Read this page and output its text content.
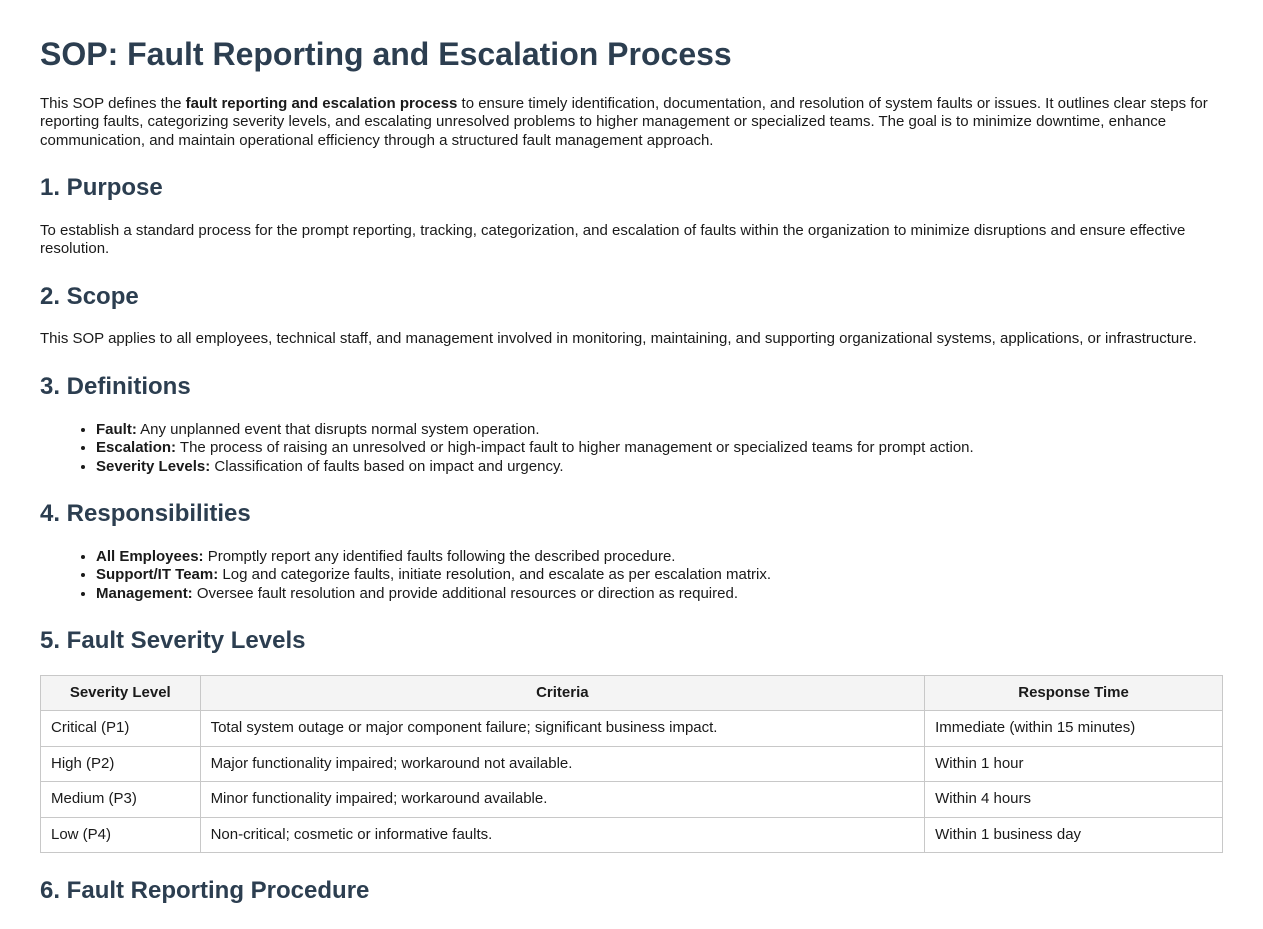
SOP: Fault Reporting and Escalation Process

This SOP defines the fault reporting and escalation process to ensure timely identification, documentation, and resolution of system faults or issues. It outlines clear steps for reporting faults, categorizing severity levels, and escalating unresolved problems to higher management or specialized teams. The goal is to minimize downtime, enhance communication, and maintain operational efficiency through a structured fault management approach.

1. Purpose

To establish a standard process for the prompt reporting, tracking, categorization, and escalation of faults within the organization to minimize disruptions and ensure effective resolution.

2. Scope

This SOP applies to all employees, technical staff, and management involved in monitoring, maintaining, and supporting organizational systems, applications, or infrastructure.

3. Definitions
• Fault: Any unplanned event that disrupts normal system operation.
• Escalation: The process of raising an unresolved or high-impact fault to higher management or specialized teams for prompt action.
• Severity Levels: Classification of faults based on impact and urgency.
4. Responsibilities
• All Employees: Promptly report any identified faults following the described procedure.
• Support/IT Team: Log and categorize faults, initiate resolution, and escalate as per escalation matrix.
• Management: Oversee fault resolution and provide additional resources or direction as required.
5. Fault Severity Levels
Severity Level	Criteria	Response Time
Critical (P1)	Total system outage or major component failure; significant business impact.	Immediate (within 15 minutes)
High (P2)	Major functionality impaired; workaround not available.	Within 1 hour
Medium (P3)	Minor functionality impaired; workaround available.	Within 4 hours
Low (P4)	Non-critical; cosmetic or informative faults.	Within 1 business day
6. Fault Reporting Procedure
